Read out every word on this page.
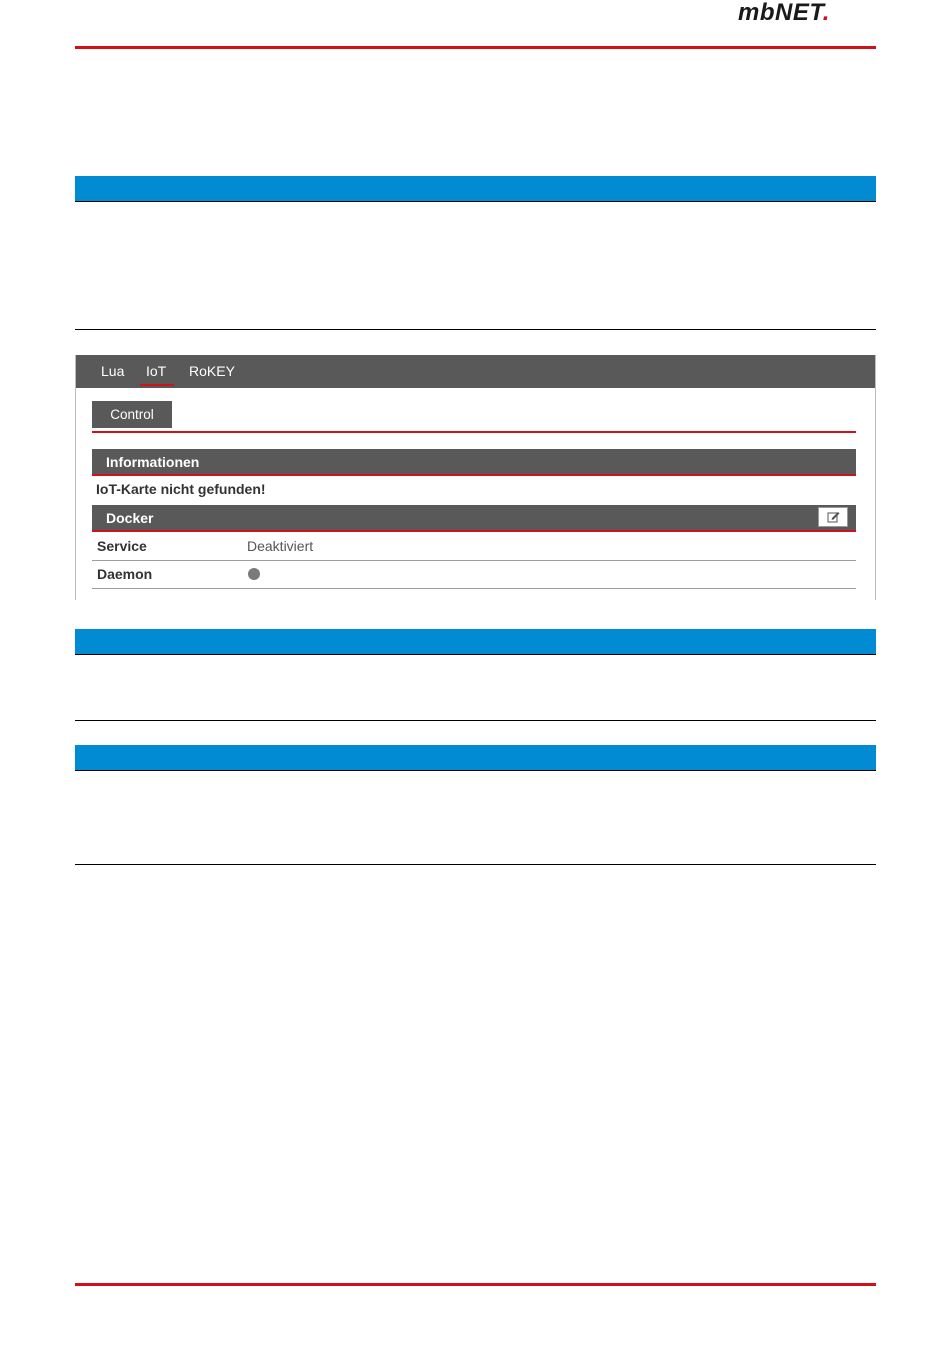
mbNET.
Lua IoT RoKEY
Control
Informationen
IoT-Karte nicht gefunden!
Docker
Service	Deaktiviert
Daemon
